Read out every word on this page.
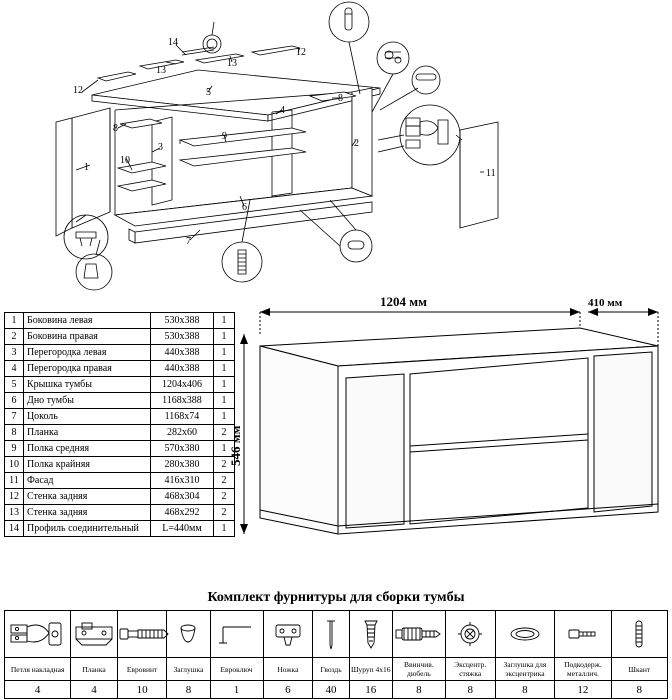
1
2
3
4
5
6
7
8
8
9
10
11
12
12
13
13
14
1	Боковина левая	530х388	1
2	Боковина правая	530х388	1
3	Перегородка левая	440х388	1
4	Перегородка правая	440х388	1
5	Крышка тумбы	1204х406	1
6	Дно тумбы	1168х388	1
7	Цоколь	1168х74	1
8	Планка	282х60	2
9	Полка средняя	570х380	1
10	Полка крайняя	280х380	2
11	Фасад	416х310	2
12	Стенка задняя	468х304	2
13	Стенка задняя	468х292	2
14	Профиль соединительный	L=440мм	1
1204 мм	410 мм
546 мм
Комплект фурнитуры для сборки тумбы

Петля накладная	Планка	Евровинт	Заглушка	Евроключ	Ножка	Гвоздь	Шуруп 4х16	Ввинчив. дюбель	Эксцентр. стяжка	Заглушка для эксцентрика	Подкодерж. металлич.	Шкант
4	4	10	8	1	6	40	16	8	8	8	12	8
